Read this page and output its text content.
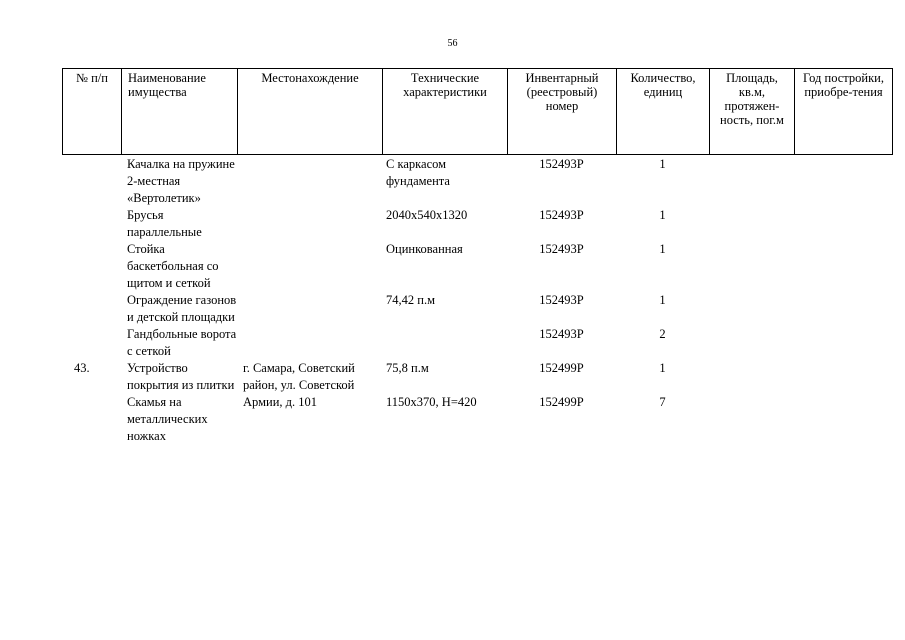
56
№ п/п	Наименование имущества	Местонахождение	Технические характеристики	Инвентарный (реестровый) номер	Количество, единиц	Площадь, кв.м, протяжен-ность, пог.м	Год постройки, приобре-тения
	Качалка на пружине 2-местная «Вертолетик»		С каркасом фундамента	152493Р	1		
	Брусья параллельные		2040х540х1320	152493Р	1		
	Стойка баскетбольная со щитом и сеткой		Оцинкованная	152493Р	1		
	Ограждение газонов и детской площадки		74,42 п.м	152493Р	1		
	Гандбольные ворота с сеткой			152493Р	2		
43.	Устройство покрытия из плитки	г. Самара, Советский район, ул. Советской	75,8 п.м	152499Р	1		
	Скамья на металлических ножках	Армии, д. 101	1150х370, Н=420	152499Р	7		
